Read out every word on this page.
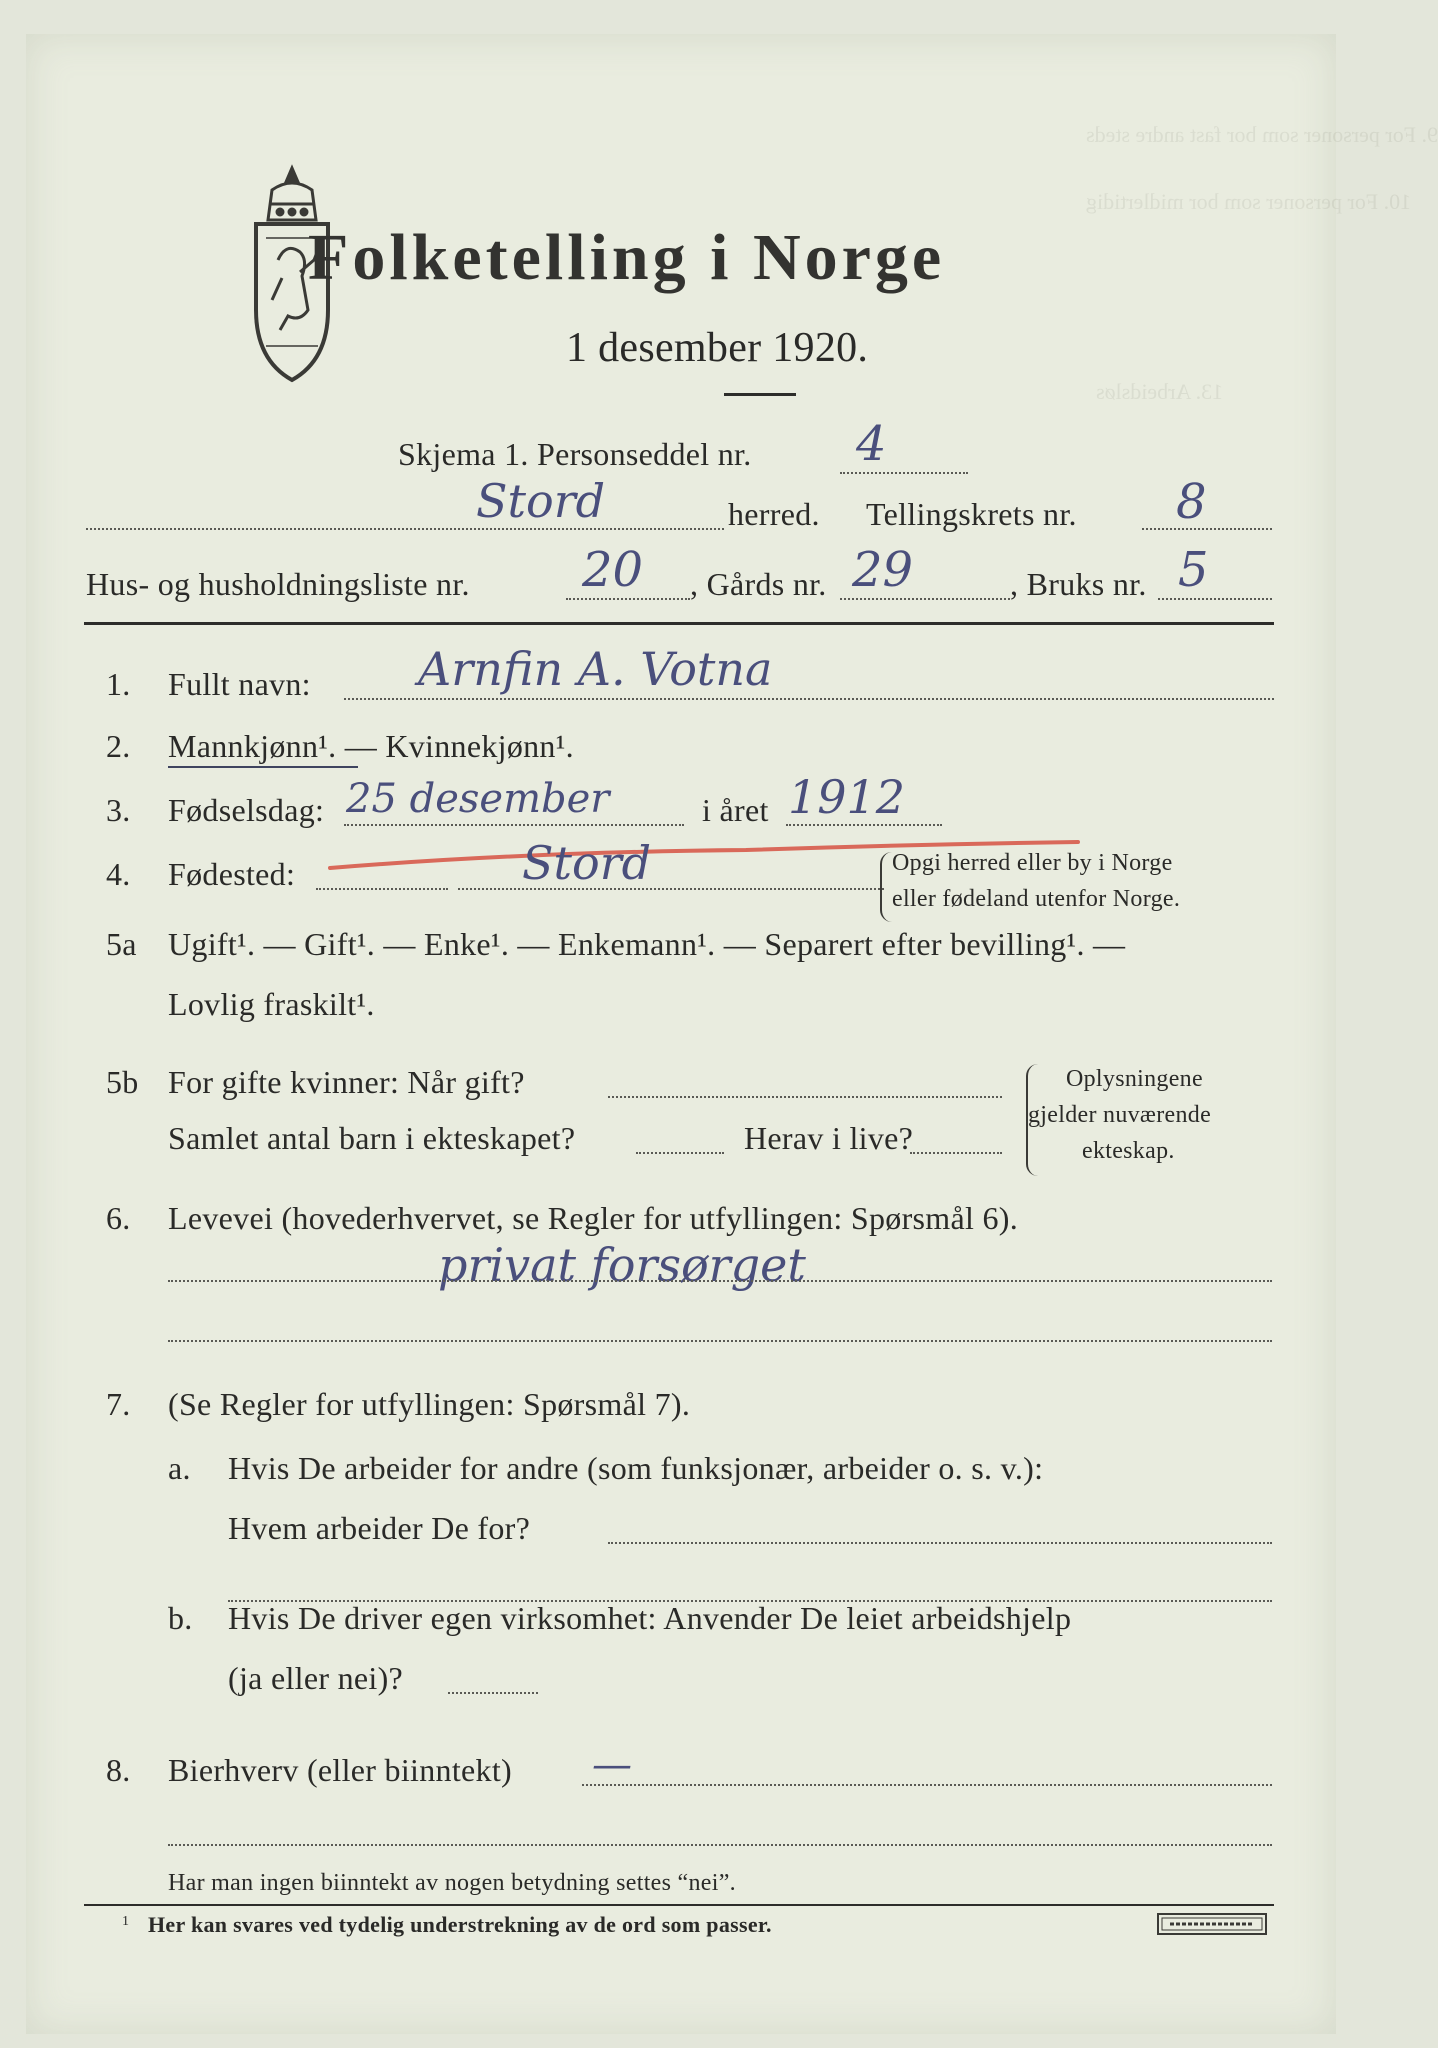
9. For personer som bor fast andre steds
10. For personer som bor midlertidig
13. Arbeidsløs
Folketelling i Norge
1 desember 1920.
Skjema 1. Personseddel nr. 4
Stord	herred. Tellingskrets nr. 8
Hus- og husholdningsliste nr. 20 , Gårds nr. 29	, Bruks nr. 5
1. Fullt navn: Arnfin A. Votna
2. Mannkjønn¹. — Kvinnekjønn¹.
3. Fødselsdag: 25 desember	i året 1912
4. Fødested:	Stord	Opgi herred eller by i Norge
eller fødeland utenfor Norge.
5a Ugift¹. — Gift¹. — Enke¹. — Enkemann¹. — Separert efter bevilling¹. —
Lovlig fraskilt¹.
5b For gifte kvinner: Når gift?
Samlet antal barn i ekteskapet?	Herav i live?
Oplysningene
gjelder nuværende
ekteskap.
6. Levevei (hovederhvervet, se Regler for utfyllingen: Spørsmål 6).
privat forsørget
7. (Se Regler for utfyllingen: Spørsmål 7).
a. Hvis De arbeider for andre (som funksjonær, arbeider o. s. v.):
Hvem arbeider De for?
b. Hvis De driver egen virksomhet: Anvender De leiet arbeidshjelp
(ja eller nei)?
8. Bierhverv (eller biinntekt) —
Har man ingen biinntekt av nogen betydning settes “nei”.
1 Her kan svares ved tydelig understrekning av de ord som passer.
